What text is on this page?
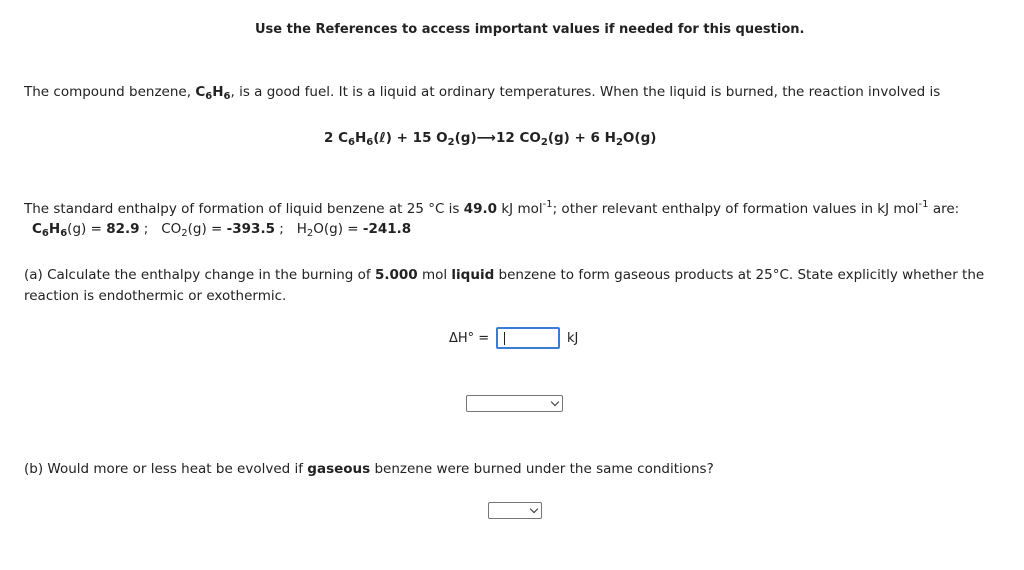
Use the References to access important values if needed for this question.
The compound benzene, $C_6H_6$, is a good fuel. It is a liquid at ordinary temperatures. When the liquid is burned, the reaction involved is
2 $C_6H_6(\ell) + 15$ $O_2(g)⟶12$ $CO_2(g) + 6$ $H_2O(g)$
The standard enthalpy of formation of liquid benzene at 25 °C is 49.0 kJ mol$^{-1}$; other relevant enthalpy of formation values in kJ mol$^{-1}$ are:
$C_6H_6(g) = 82.9$ ;   $CO_2(g) = -393.5$ ;   $H_2O(g) = -241.8$
(a) Calculate the enthalpy change in the burning of 5.000 mol liquid benzene to form gaseous products at 25°C. State explicitly whether the
reaction is endothermic or exothermic.
ΔH° =	kJ
(b) Would more or less heat be evolved if gaseous benzene were burned under the same conditions?
